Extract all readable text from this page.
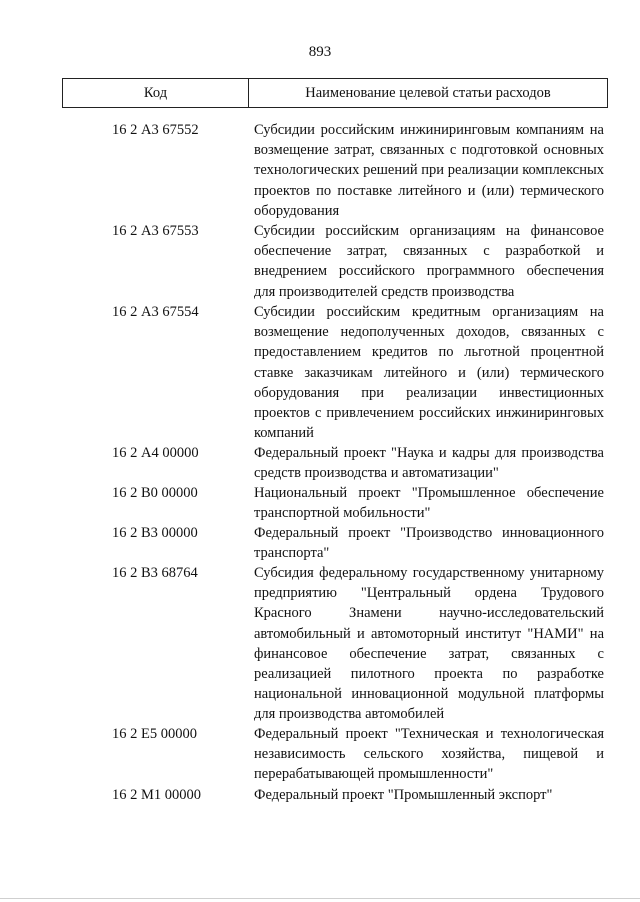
893
Код	Наименование целевой статьи расходов
16 2 А3 67552	Субсидии российским инжиниринговым компаниям на возмещение затрат, связанных с подготовкой основных технологических решений при реализации комплексных проектов по поставке литейного и (или) термического оборудования
16 2 А3 67553	Субсидии российским организациям на финансовое обеспечение затрат, связанных с разработкой и внедрением российского программного обеспечения для производителей средств производства
16 2 А3 67554	Субсидии российским кредитным организациям на возмещение недополученных доходов, связанных с предоставлением кредитов по льготной процентной ставке заказчикам литейного и (или) термического оборудования при реализации инвестиционных проектов с привлечением российских инжиниринговых компаний
16 2 А4 00000	Федеральный проект "Наука и кадры для производства средств производства и автоматизации"
16 2 В0 00000	Национальный проект "Промышленное обеспечение транспортной мобильности"
16 2 В3 00000	Федеральный проект "Производство инновационного транспорта"
16 2 В3 68764	Субсидия федеральному государственному унитарному предприятию "Центральный ордена Трудового Красного Знамени научно-исследовательский автомобильный и автомоторный институт "НАМИ" на финансовое обеспечение затрат, связанных с реализацией пилотного проекта по разработке национальной инновационной модульной платформы для производства автомобилей
16 2 Е5 00000	Федеральный проект "Техническая и технологическая независимость сельского хозяйства, пищевой и перерабатывающей промышленности"
16 2 М1 00000	Федеральный проект "Промышленный экспорт"
